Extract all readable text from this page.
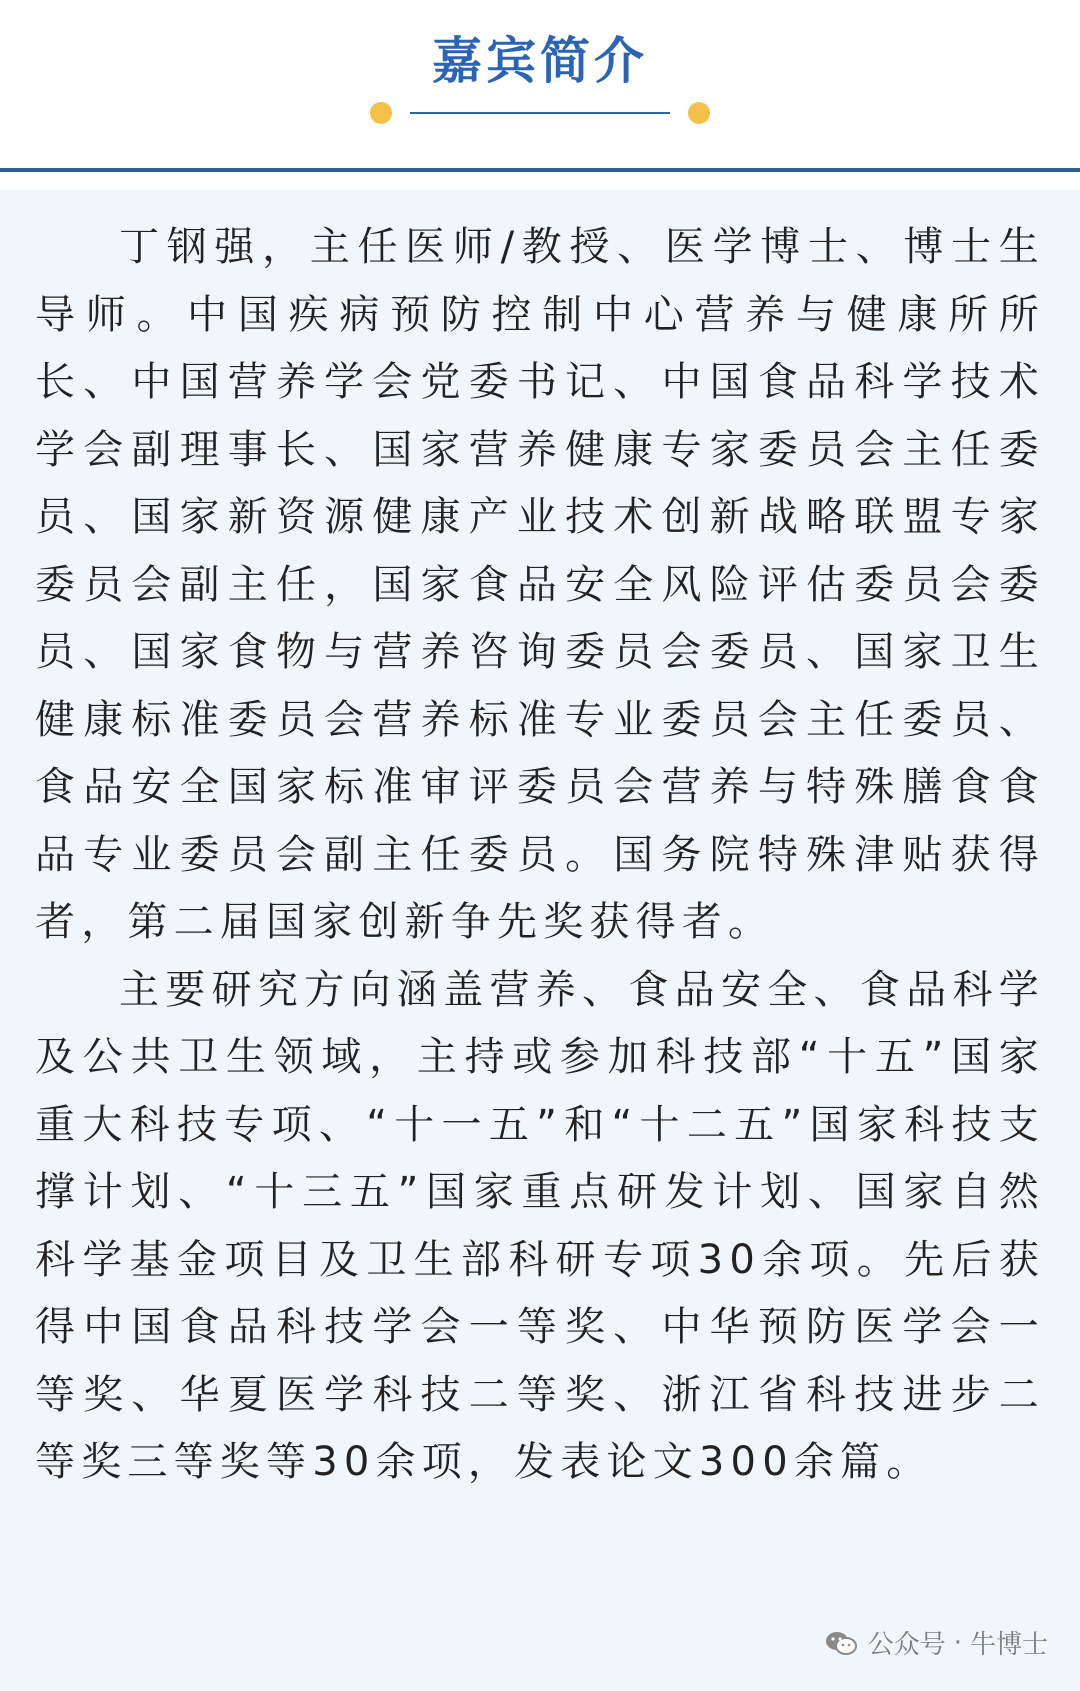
嘉宾简介

丁钢强，主任医师/教授、医学博士、博士生导师。中国疾病预防控制中心营养与健康所所长、中国营养学会党委书记、中国食品科学技术学会副理事长、国家营养健康专家委员会主任委员、国家新资源健康产业技术创新战略联盟专家委员会副主任，国家食品安全风险评估委员会委员、国家食物与营养咨询委员会委员、国家卫生健康标准委员会营养标准专业委员会主任委员、食品安全国家标准审评委员会营养与特殊膳食食品专业委员会副主任委员。国务院特殊津贴获得者，第二届国家创新争先奖获得者。

主要研究方向涵盖营养、食品安全、食品科学及公共卫生领域，主持或参加科技部“十五”国家重大科技专项、“十一五”和“十二五”国家科技支撑计划、“十三五”国家重点研发计划、国家自然科学基金项目及卫生部科研专项30余项。先后获得中国食品科技学会一等奖、中华预防医学会一等奖、华夏医学科技二等奖、浙江省科技进步二等奖三等奖等30余项，发表论文300余篇。

公众号 · 牛博士
